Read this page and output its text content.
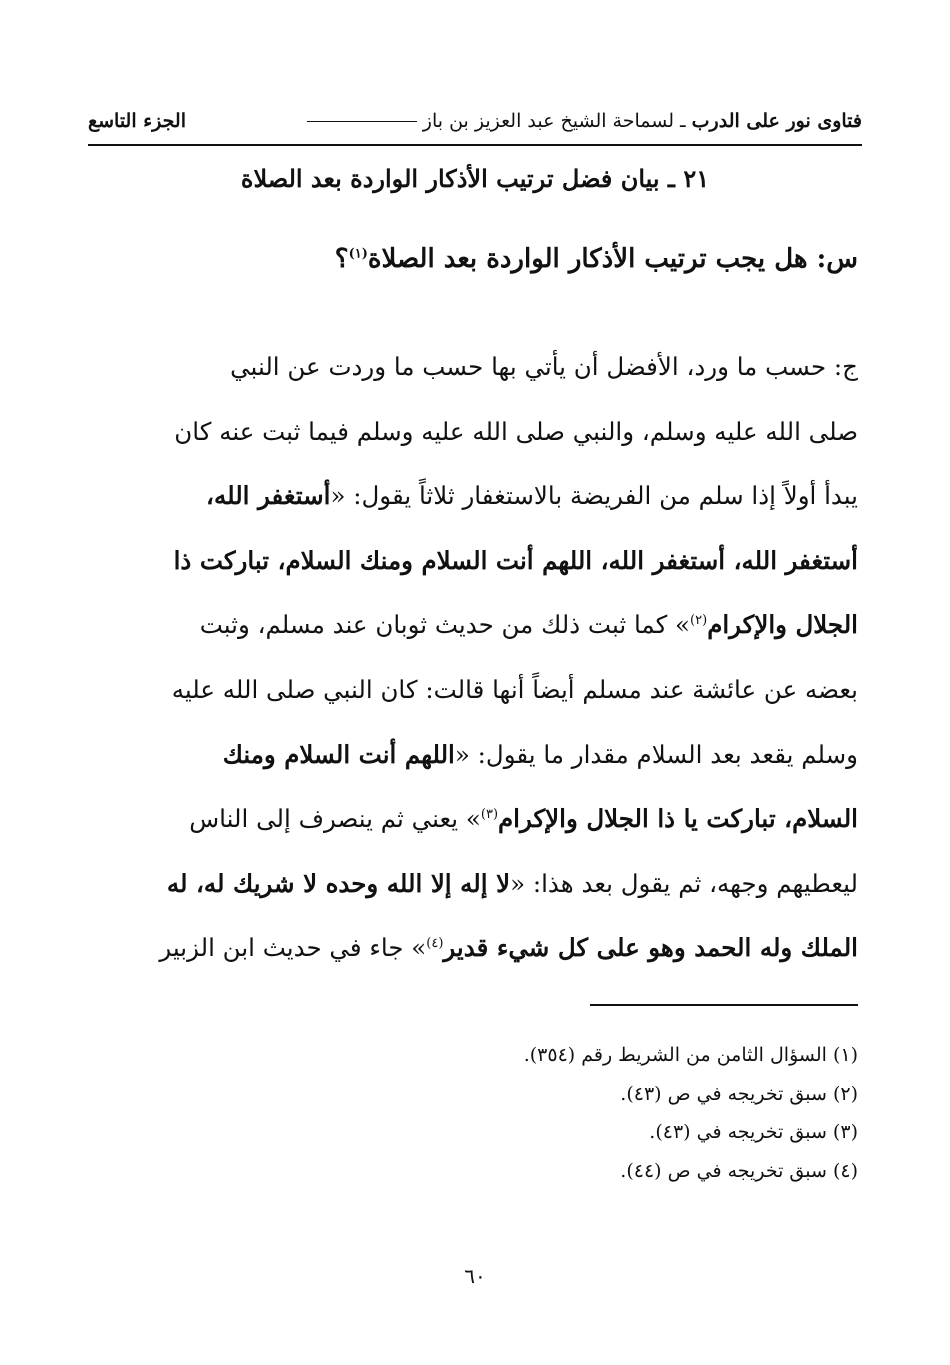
فتاوى نور على الدرب
ـ
لسماحة الشيخ عبد العزيز بن باز
الجزء التاسع
٢١ ـ بيان فضل ترتيب الأذكار الواردة بعد الصلاة
س: هل يجب ترتيب الأذكار الواردة بعد الصلاة$^{(١)}$؟
ج: حسب ما ورد، الأفضل أن يأتي بها حسب ما وردت عن النبي
صلى الله عليه وسلم، والنبي صلى الله عليه وسلم فيما ثبت عنه كان
يبدأ أولاً إذا سلم من الفريضة بالاستغفار ثلاثاً يقول: «أستغفر الله،
أستغفر الله، أستغفر الله، اللهم أنت السلام ومنك السلام، تباركت ذا
الجلال والإكرام$^{(٢)}$» كما ثبت ذلك من حديث ثوبان عند مسلم، وثبت
بعضه عن عائشة عند مسلم أيضاً أنها قالت: كان النبي صلى الله عليه
وسلم يقعد بعد السلام مقدار ما يقول: «اللهم أنت السلام ومنك
السلام، تباركت يا ذا الجلال والإكرام$^{(٣)}$» يعني ثم ينصرف إلى الناس
ليعطيهم وجهه، ثم يقول بعد هذا: «لا إله إلا الله وحده لا شريك له، له
الملك وله الحمد وهو على كل شيء قدير$^{(٤)}$» جاء في حديث ابن الزبير
(١) السؤال الثامن من الشريط رقم (٣٥٤).
(٢) سبق تخريجه في ص (٤٣).
(٣) سبق تخريجه في (٤٣).
(٤) سبق تخريجه في ص (٤٤).
٦٠
